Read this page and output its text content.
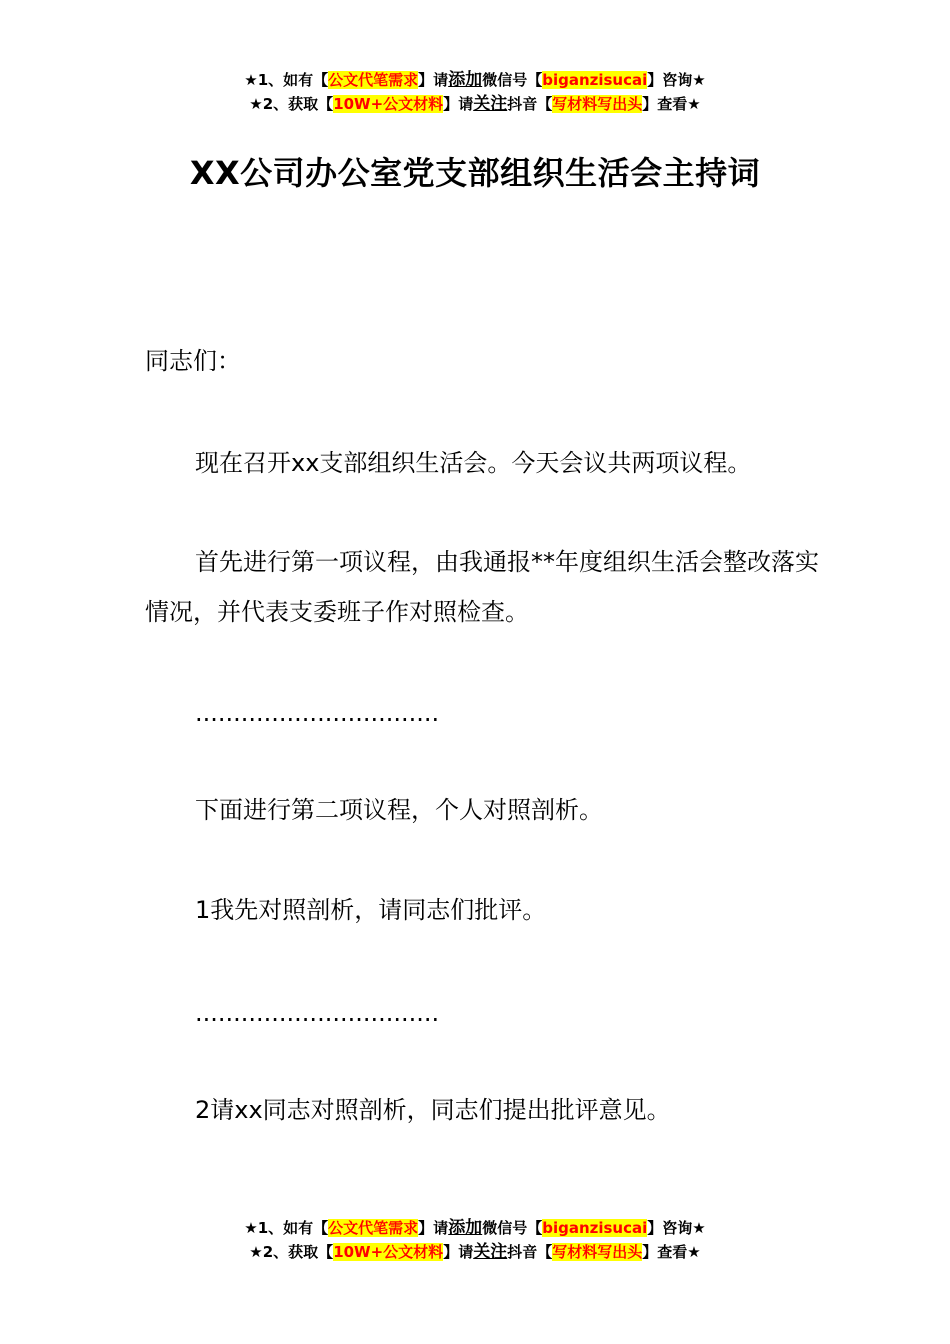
★1、如有【公文代笔需求】请添加微信号【biganzisucai】咨询★
★2、获取【10W+公文材料】请关注抖音【写材料写出头】查看★
XX公司办公室党支部组织生活会主持词

同志们：

现在召开xx支部组织生活会。今天会议共两项议程。

首先进行第一项议程，由我通报**年度组织生活会整改落实情况，并代表支委班子作对照检查。

................................

下面进行第二项议程，个人对照剖析。

1我先对照剖析，请同志们批评。

................................

2请xx同志对照剖析，同志们提出批评意见。

★1、如有【公文代笔需求】请添加微信号【biganzisucai】咨询★
★2、获取【10W+公文材料】请关注抖音【写材料写出头】查看★
